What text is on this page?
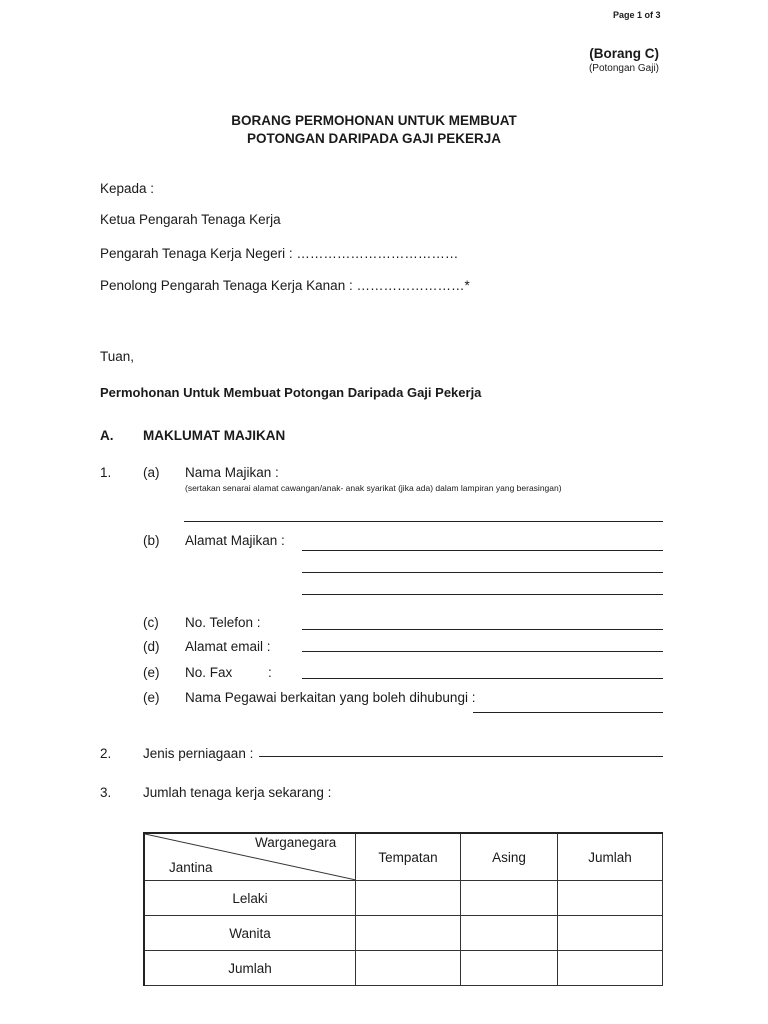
Page 1 of 3
(Borang C)
(Potongan Gaji)
BORANG PERMOHONAN UNTUK MEMBUAT
POTONGAN DARIPADA GAJI PEKERJA
Kepada :
Ketua Pengarah Tenaga Kerja
Pengarah Tenaga Kerja Negeri : ………………………………
Penolong Pengarah Tenaga Kerja Kanan : ……………………*
Tuan,
Permohonan Untuk Membuat Potongan Daripada Gaji Pekerja
A. MAKLUMAT MAJIKAN
1. (a) Nama Majikan :
(sertakan senarai alamat cawangan/anak- anak syarikat (jika ada) dalam lampiran yang berasingan)
(b) Alamat Majikan :
(c) No. Telefon :
(d) Alamat email :
(e) No. Fax	:
(e) Nama Pegawai berkaitan yang boleh dihubungi :
2. Jenis perniagaan :
3. Jumlah tenaga kerja sekarang :
Warganegara
Jantina	Tempatan	Asing	Jumlah
Lelaki			
Wanita			
Jumlah			
